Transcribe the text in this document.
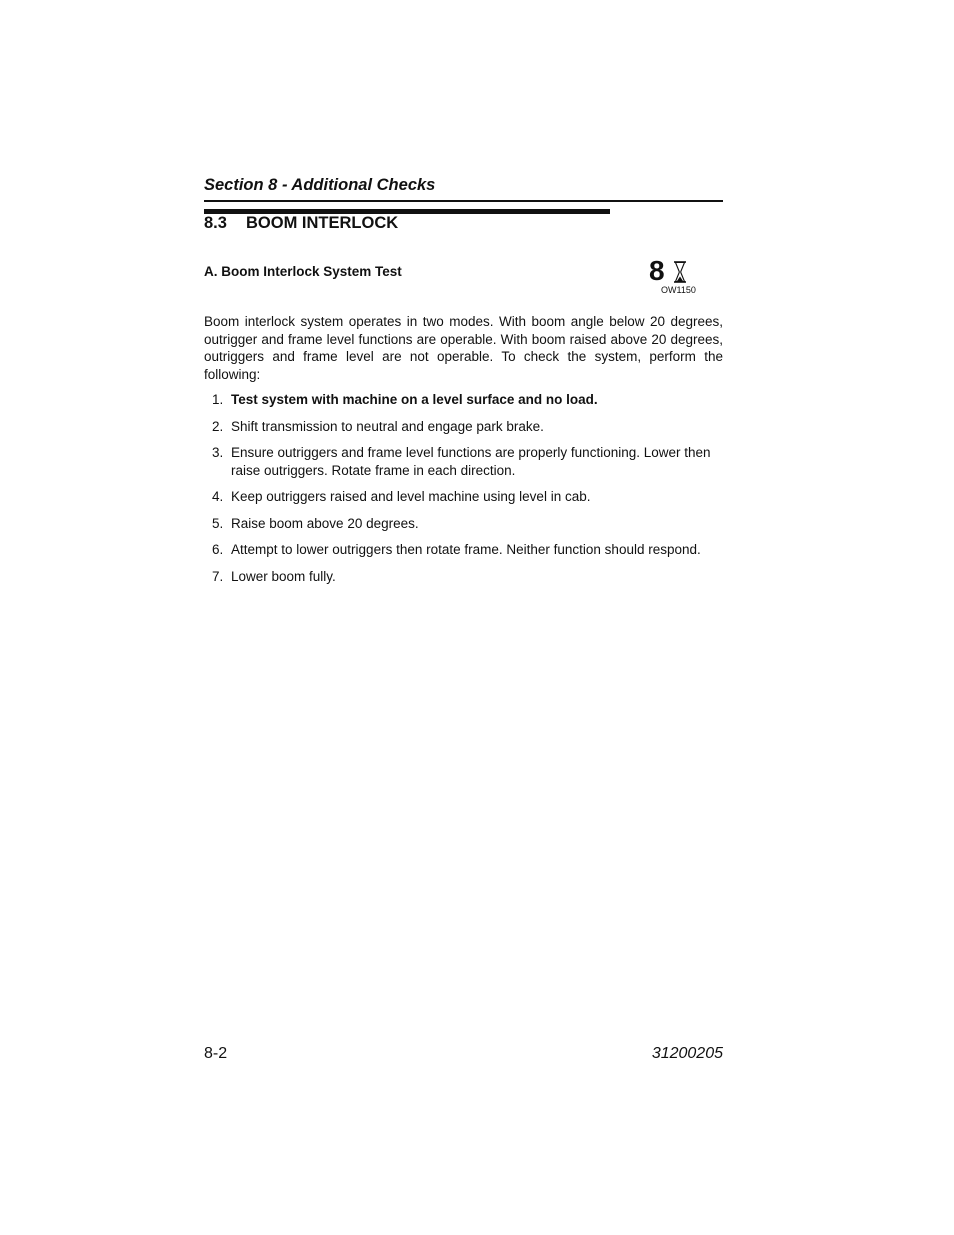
Section 8 - Additional Checks
8.3 BOOM INTERLOCK
A. Boom Interlock System Test	8
OW1150

Boom interlock system operates in two modes. With boom angle below 20 degrees, outrigger and frame level functions are operable. With boom raised above 20 degrees, outriggers and frame level are not operable. To check the system, perform the following:

1. Test system with machine on a level surface and no load.
2. Shift transmission to neutral and engage park brake.
3. Ensure outriggers and frame level functions are properly functioning. Lower then raise outriggers. Rotate frame in each direction.
4. Keep outriggers raised and level machine using level in cab.
5. Raise boom above 20 degrees.
6. Attempt to lower outriggers then rotate frame. Neither function should respond.
7. Lower boom fully.
8-2	31200205
